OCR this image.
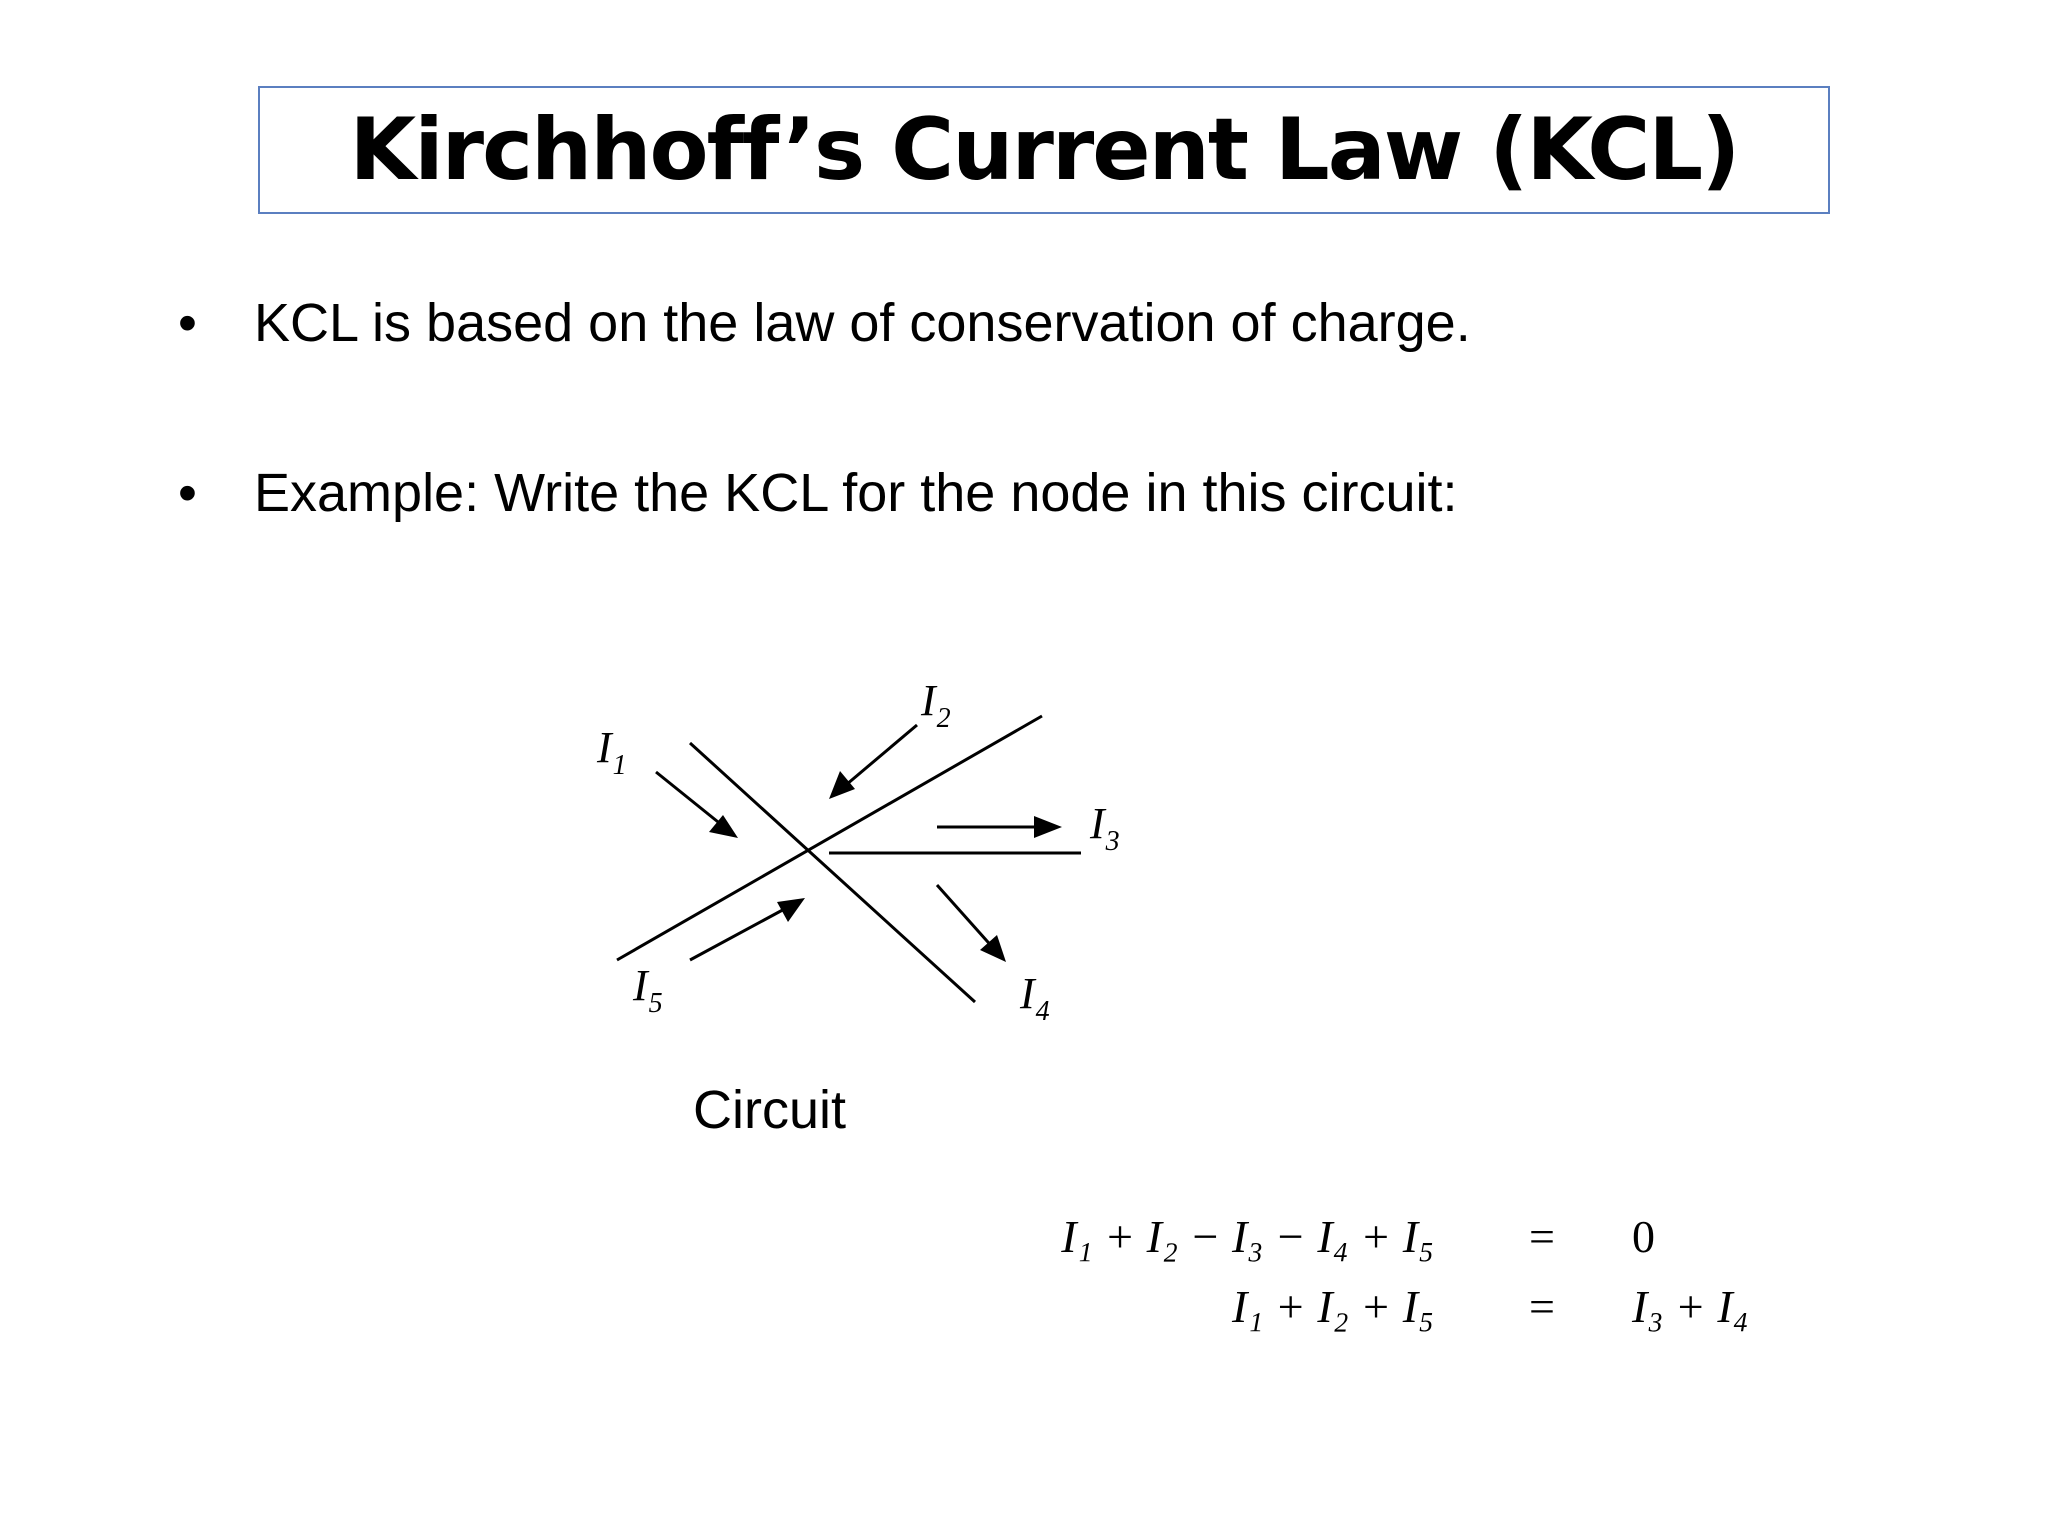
Kirchhoff’s Current Law (KCL)
• KCL is based on the law of conservation of charge.
• Example: Write the KCL for the node in this circuit:
$I_1$
$I_2$
$I_3$
$I_4$
$I_5$
I₁ + I₂ − I₃ − I₄ + I₅ = 0
I₁ + I₂ + I₅ = I₃ + I₄
Circuit
